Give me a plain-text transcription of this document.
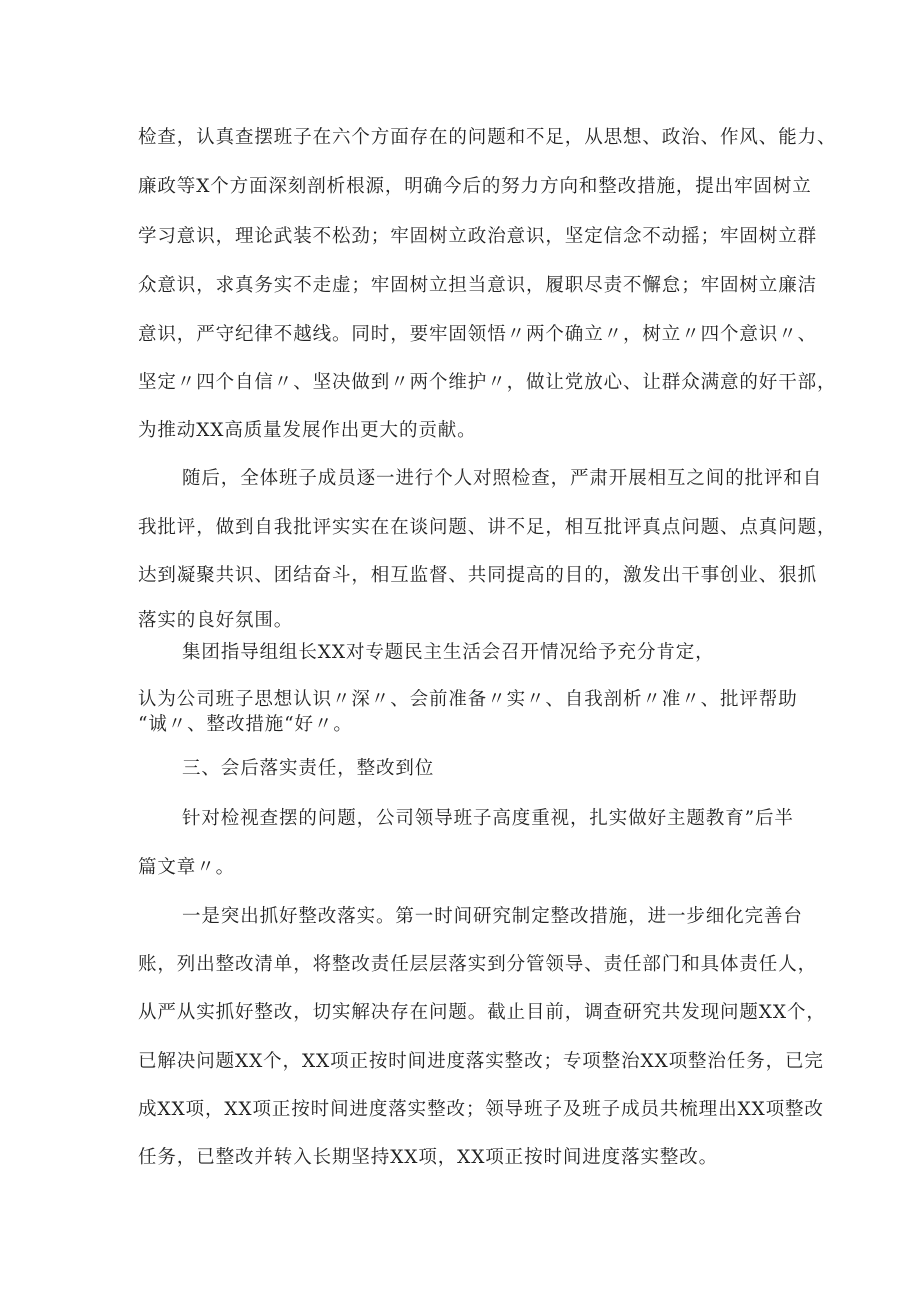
检查，认真查摆班子在六个方面存在的问题和不足，从思想、政治、作风、能力、
廉政等X个方面深刻剖析根源，明确今后的努力方向和整改措施，提出牢固树立
学习意识，理论武装不松劲；牢固树立政治意识，坚定信念不动摇；牢固树立群
众意识，求真务实不走虚；牢固树立担当意识，履职尽责不懈怠；牢固树立廉洁
意识，严守纪律不越线。同时，要牢固领悟〃两个确立〃，树立〃四个意识〃、
坚定〃四个自信〃、坚决做到〃两个维护〃，做让党放心、让群众满意的好干部，
为推动XX高质量发展作出更大的贡献。
随后，全体班子成员逐一进行个人对照检查，严肃开展相互之间的批评和自
我批评，做到自我批评实实在在谈问题、讲不足，相互批评真点问题、点真问题，
达到凝聚共识、团结奋斗，相互监督、共同提高的目的，激发出干事创业、狠抓
落实的良好氛围。
集团指导组组长XX对专题民主生活会召开情况给予充分肯定，
认为公司班子思想认识〃深〃、会前准备〃实〃、自我剖析〃准〃、批评帮助
“诚〃、整改措施“好〃。
三、会后落实责任，整改到位
针对检视查摆的问题，公司领导班子高度重视，扎实做好主题教育”后半
篇文章〃。
一是突出抓好整改落实。第一时间研究制定整改措施，进一步细化完善台
账，列出整改清单，将整改责任层层落实到分管领导、责任部门和具体责任人，
从严从实抓好整改，切实解决存在问题。截止目前，调查研究共发现问题XX个，
已解决问题XX个，XX项正按时间进度落实整改；专项整治XX项整治任务，已完
成XX项，XX项正按时间进度落实整改；领导班子及班子成员共梳理出XX项整改
任务，已整改并转入长期坚持XX项，XX项正按时间进度落实整改。
